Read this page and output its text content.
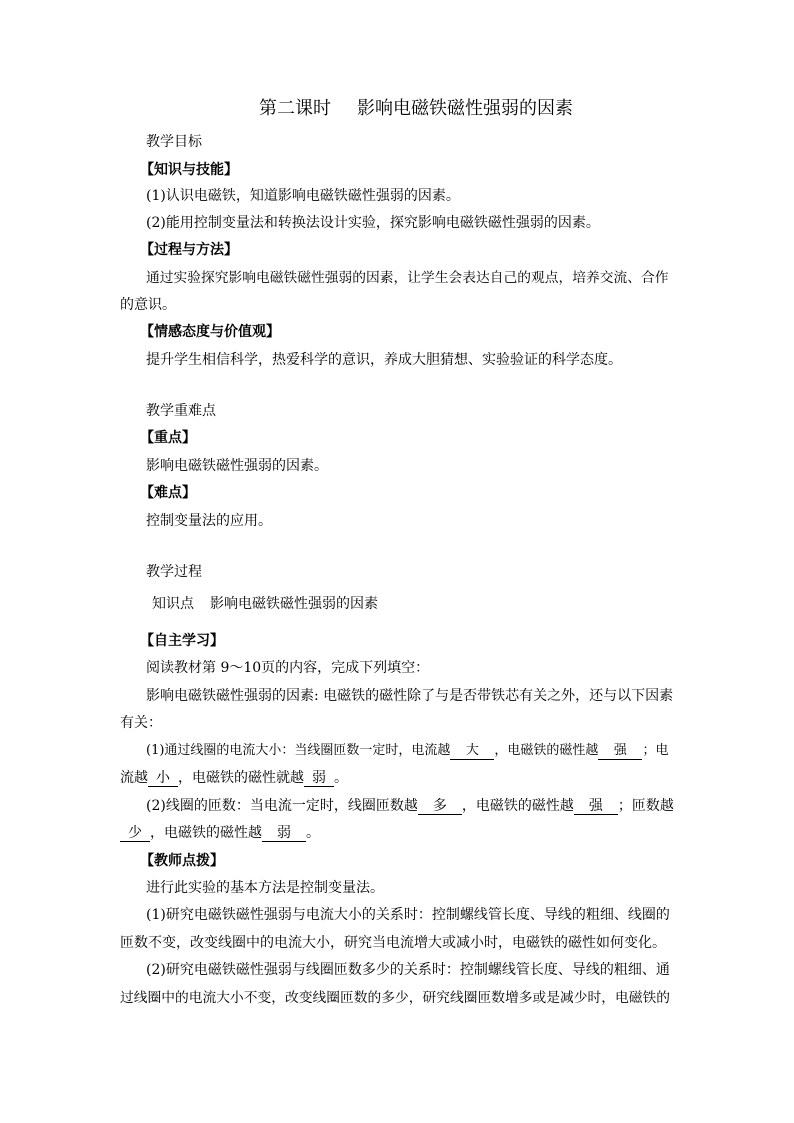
第二课时 影响电磁铁磁性强弱的因素
教学目标
【知识与技能】
(1)认识电磁铁，知道影响电磁铁磁性强弱的因素。
(2)能用控制变量法和转换法设计实验，探究影响电磁铁磁性强弱的因素。
【过程与方法】
通过实验探究影响电磁铁磁性强弱的因素，让学生会表达自己的观点，培养交流、合作
的意识。
【情感态度与价值观】
提升学生相信科学，热爱科学的意识，养成大胆猜想、实验验证的科学态度。
教学重难点
【重点】
影响电磁铁磁性强弱的因素。
【难点】
控制变量法的应用。
教学过程
知识点 影响电磁铁磁性强弱的因素
【自主学习】
阅读教材第 9～10页的内容，完成下列填空：
影响电磁铁磁性强弱的因素: 电磁铁的磁性除了与是否带铁芯有关之外，还与以下因素
有关：
(1)通过线圈的电流大小：当线圈匝数一定时，电流越 大 ，电磁铁的磁性越 强 ；电
流越 小 ，电磁铁的磁性就越 弱 。
(2)线圈的匝数：当电流一定时，线圈匝数越 多 ，电磁铁的磁性越 强 ；匝数越
少 ，电磁铁的磁性越 弱 。
【教师点拨】
进行此实验的基本方法是控制变量法。
(1)研究电磁铁磁性强弱与电流大小的关系时：控制螺线管长度、导线的粗细、线圈的
匝数不变，改变线圈中的电流大小，研究当电流增大或减小时，电磁铁的磁性如何变化。
(2)研究电磁铁磁性强弱与线圈匝数多少的关系时：控制螺线管长度、导线的粗细、通
过线圈中的电流大小不变，改变线圈匝数的多少，研究线圈匝数增多或是减少时，电磁铁的
